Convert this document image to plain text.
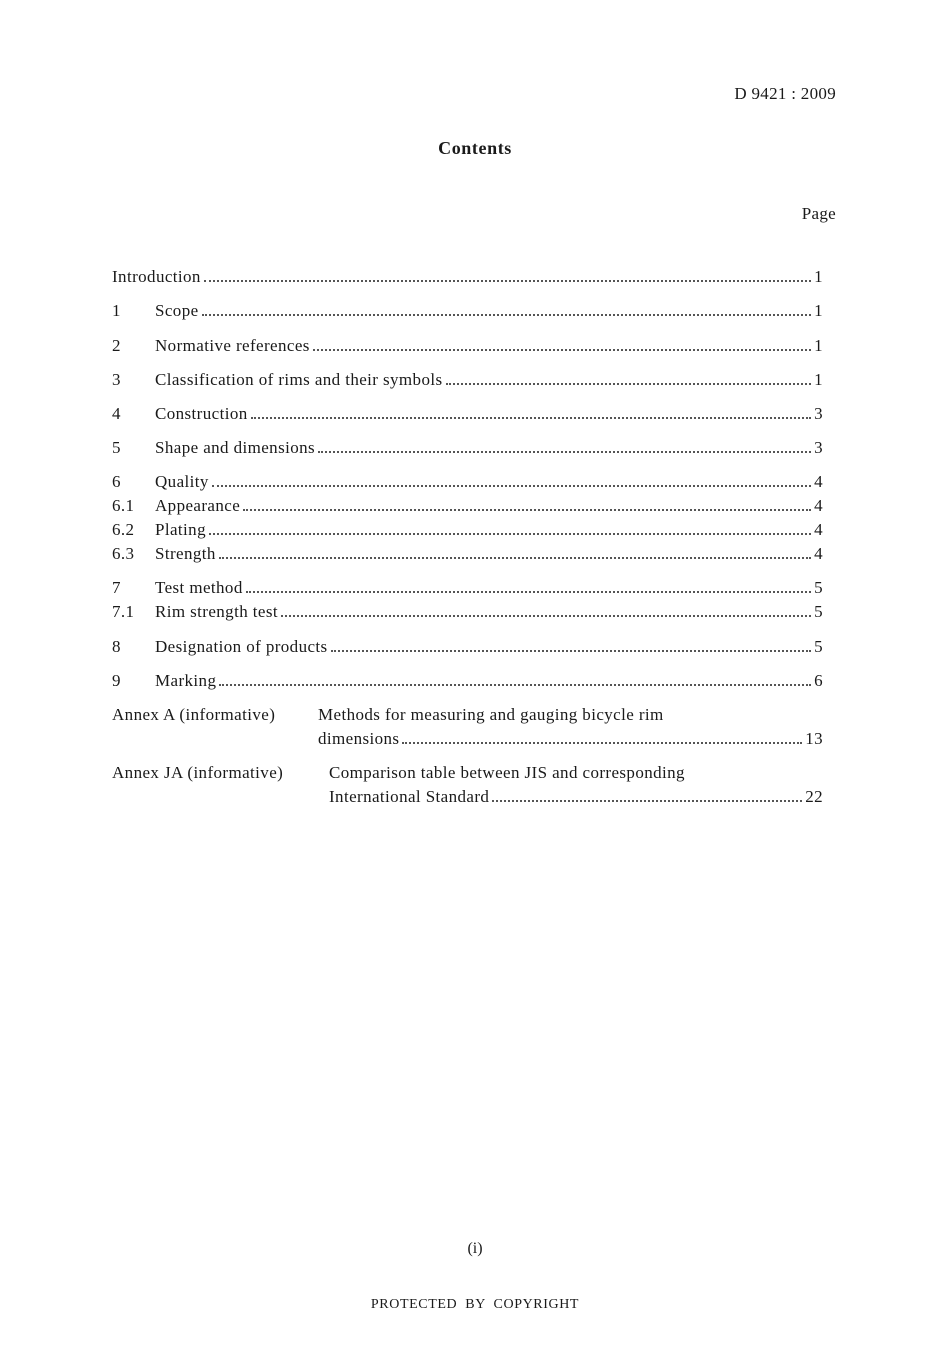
D 9421 : 2009
Contents
Page
Introduction	1
1	Scope	1
2	Normative references	1
3	Classification of rims and their symbols	1
4	Construction	3
5	Shape and dimensions	3
6	Quality	4
6.1	Appearance	4
6.2	Plating	4
6.3	Strength	4
7	Test method	5
7.1	Rim strength test	5
8	Designation of products	5
9	Marking	6
Annex A (informative)	Methods for measuring and gauging bicycle rim
dimensions	13
Annex JA (informative)	Comparison table between JIS and corresponding
International Standard	22
(i)
PROTECTED BY COPYRIGHT
